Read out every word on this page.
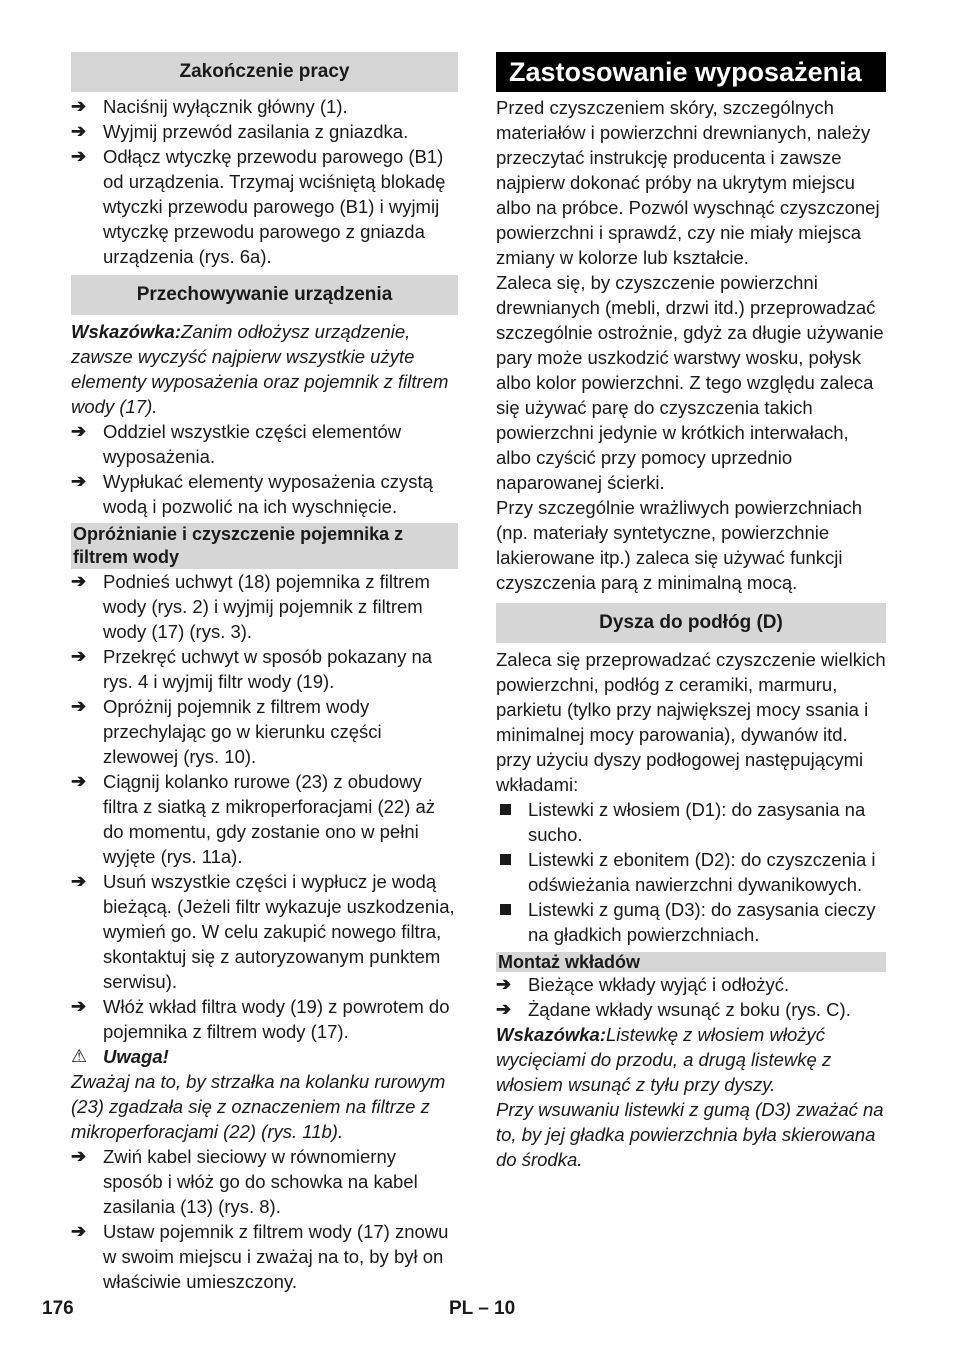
Zakończenie pracy
➔ Naciśnij wyłącznik główny (1).
➔ Wyjmij przewód zasilania z gniazdka.
➔ Odłącz wtyczkę przewodu parowego (B1) od urządzenia. Trzymaj wciśniętą blokadę wtyczki przewodu parowego (B1) i wyjmij wtyczkę przewodu parowego z gniazda urządzenia (rys. 6a).
Przechowywanie urządzenia

Wskazówka:Zanim odłożysz urządzenie, zawsze wyczyść najpierw wszystkie użyte elementy wyposażenia oraz pojemnik z filtrem wody (17).

➔ Oddziel wszystkie części elementów wyposażenia.
➔ Wypłukać elementy wyposażenia czystą wodą i pozwolić na ich wyschnięcie.
Opróżnianie i czyszczenie pojemnika z filtrem wody
➔ Podnieś uchwyt (18) pojemnika z filtrem wody (rys. 2) i wyjmij pojemnik z filtrem wody (17) (rys. 3).
➔ Przekręć uchwyt w sposób pokazany na rys. 4 i wyjmij filtr wody (19).
➔ Opróżnij pojemnik z filtrem wody przechylając go w kierunku części zlewowej (rys. 10).
➔ Ciągnij kolanko rurowe (23) z obudowy filtra z siatką z mikroperforacjami (22) aż do momentu, gdy zostanie ono w pełni wyjęte (rys. 11a).
➔ Usuń wszystkie części i wypłucz je wodą bieżącą. (Jeżeli filtr wykazuje uszkodzenia, wymień go. W celu zakupić nowego filtra, skontaktuj się z autoryzowanym punktem serwisu).
➔ Włóż wkład filtra wody (19) z powrotem do pojemnika z filtrem wody (17).
⚠ Uwaga!

Zważaj na to, by strzałka na kolanku rurowym (23) zgadzała się z oznaczeniem na filtrze z mikroperforacjami (22) (rys. 11b).

➔ Zwiń kabel sieciowy w równomierny sposób i włóż go do schowka na kabel zasilania (13) (rys. 8).
➔ Ustaw pojemnik z filtrem wody (17) znowu w swoim miejscu i zważaj na to, by był on właściwie umieszczony.
Zastosowanie wyposażenia

Przed czyszczeniem skóry, szczególnych materiałów i powierzchni drewnianych, należy przeczytać instrukcję producenta i zawsze najpierw dokonać próby na ukrytym miejscu albo na próbce. Pozwól wyschnąć czyszczonej powierzchni i sprawdź, czy nie miały miejsca zmiany w kolorze lub kształcie.

Zaleca się, by czyszczenie powierzchni drewnianych (mebli, drzwi itd.) przeprowadzać szczególnie ostrożnie, gdyż za długie używanie pary może uszkodzić warstwy wosku, połysk albo kolor powierzchni. Z tego względu zaleca się używać parę do czyszczenia takich powierzchni jedynie w krótkich interwałach, albo czyścić przy pomocy uprzednio naparowanej ścierki.

Przy szczególnie wrażliwych powierzchniach (np. materiały syntetyczne, powierzchnie lakierowane itp.) zaleca się używać funkcji czyszczenia parą z minimalną mocą.

Dysza do podłóg (D)

Zaleca się przeprowadzać czyszczenie wielkich powierzchni, podłóg z ceramiki, marmuru, parkietu (tylko przy największej mocy ssania i minimalnej mocy parowania), dywanów itd. przy użyciu dyszy podłogowej następującymi wkładami:

Listewki z włosiem (D1): do zasysania na sucho.
Listewki z ebonitem (D2): do czyszczenia i odświeżania nawierzchni dywanikowych.
Listewki z gumą (D3): do zasysania cieczy na gładkich powierzchniach.
Montaż wkładów
➔ Bieżące wkłady wyjąć i odłożyć.
➔ Żądane wkłady wsunąć z boku (rys. C).

Wskazówka:Listewkę z włosiem włożyć wycięciami do przodu, a drugą listewkę z włosiem wsunąć z tyłu przy dyszy.

Przy wsuwaniu listewki z gumą (D3) zważać na to, by jej gładka powierzchnia była skierowana do środka.

176	PL – 10
